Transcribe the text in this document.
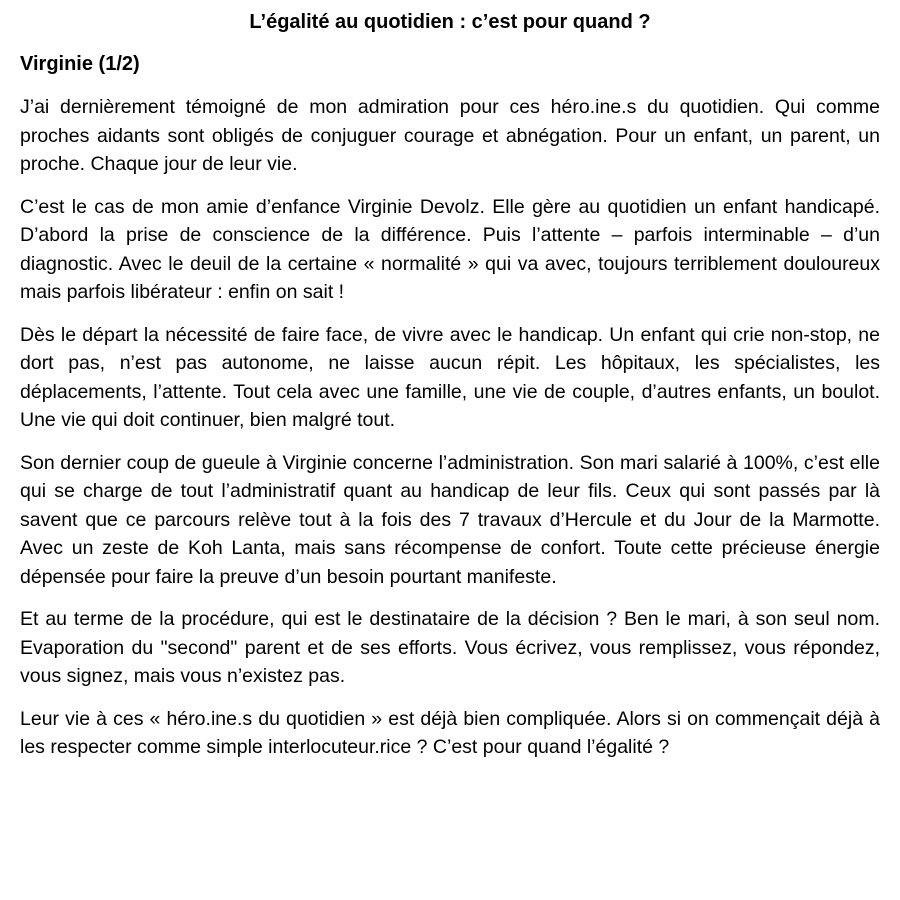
L’égalité au quotidien : c’est pour quand ?
Virginie (1/2)

J’ai dernièrement témoigné de mon admiration pour ces héro.ine.s du quotidien. Qui comme proches aidants sont obligés de conjuguer courage et abnégation. Pour un enfant, un parent, un proche. Chaque jour de leur vie.

C’est le cas de mon amie d’enfance Virginie Devolz. Elle gère au quotidien un enfant handicapé. D’abord la prise de conscience de la différence. Puis l’attente – parfois interminable – d’un diagnostic. Avec le deuil de la certaine « normalité » qui va avec, toujours terriblement douloureux mais parfois libérateur : enfin on sait !

Dès le départ la nécessité de faire face, de vivre avec le handicap. Un enfant qui crie non-stop, ne dort pas, n’est pas autonome, ne laisse aucun répit. Les hôpitaux, les spécialistes, les déplacements, l’attente. Tout cela avec une famille, une vie de couple, d’autres enfants, un boulot. Une vie qui doit continuer, bien malgré tout.

Son dernier coup de gueule à Virginie concerne l’administration. Son mari salarié à 100%, c’est elle qui se charge de tout l’administratif quant au handicap de leur fils. Ceux qui sont passés par là savent que ce parcours relève tout à la fois des 7 travaux d’Hercule et du Jour de la Marmotte. Avec un zeste de Koh Lanta, mais sans récompense de confort. Toute cette précieuse énergie dépensée pour faire la preuve d’un besoin pourtant manifeste.

Et au terme de la procédure, qui est le destinataire de la décision ? Ben le mari, à son seul nom. Evaporation du "second" parent et de ses efforts. Vous écrivez, vous remplissez, vous répondez, vous signez, mais vous n’existez pas.

Leur vie à ces « héro.ine.s du quotidien » est déjà bien compliquée. Alors si on commençait déjà à les respecter comme simple interlocuteur.rice ? C’est pour quand l’égalité ?
